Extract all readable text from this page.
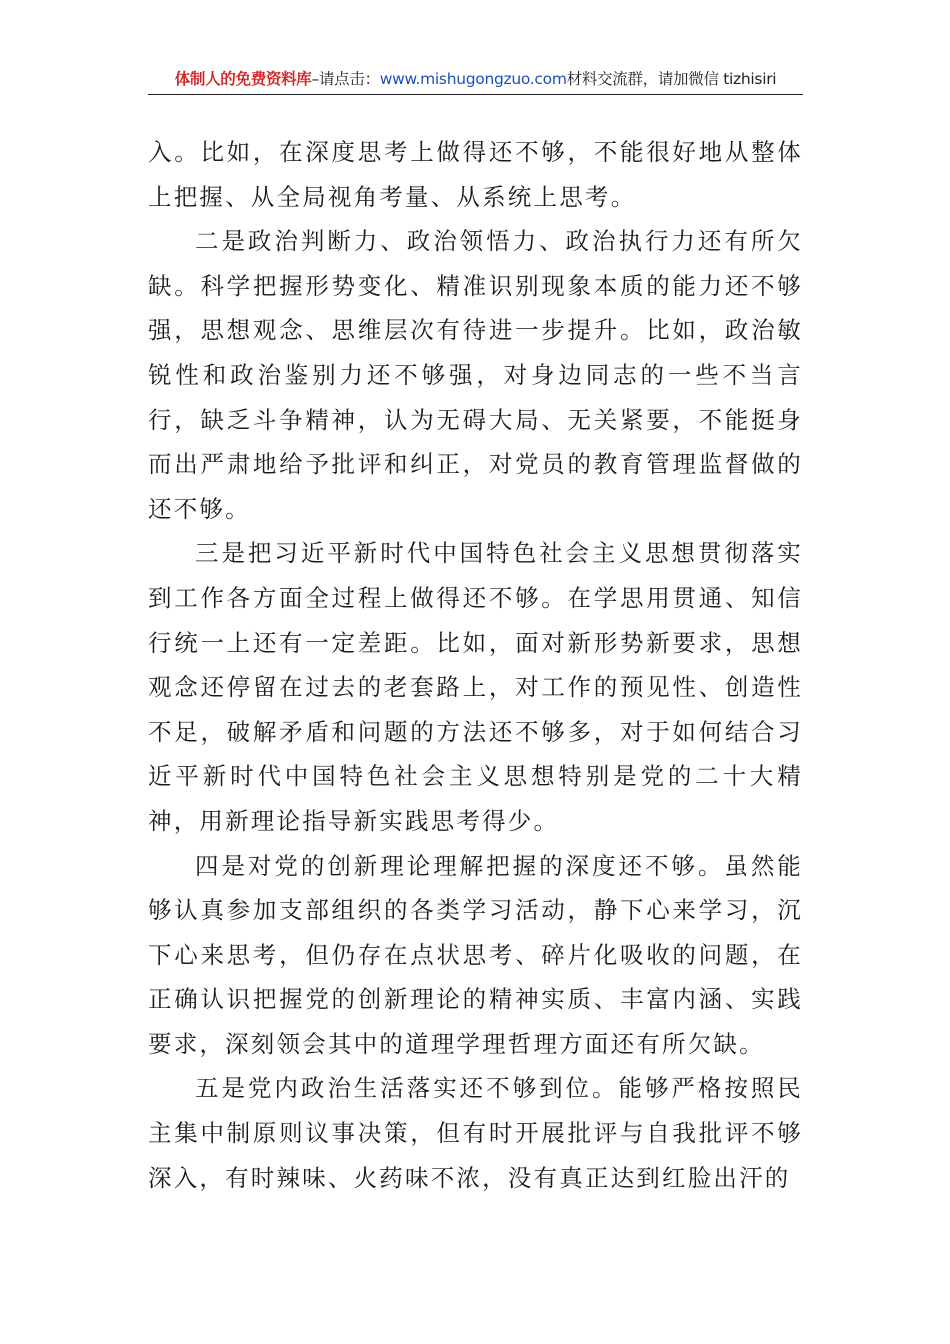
体制人的免费资料库–请点击：www.mishugongzuo.com材料交流群，请加微信 tizhisiri

入。比如，在深度思考上做得还不够，不能很好地从整体上把握、从全局视角考量、从系统上思考。

二是政治判断力、政治领悟力、政治执行力还有所欠缺。科学把握形势变化、精准识别现象本质的能力还不够强，思想观念、思维层次有待进一步提升。比如，政治敏锐性和政治鉴别力还不够强，对身边同志的一些不当言行，缺乏斗争精神，认为无碍大局、无关紧要，不能挺身而出严肃地给予批评和纠正，对党员的教育管理监督做的还不够。

三是把习近平新时代中国特色社会主义思想贯彻落实到工作各方面全过程上做得还不够。在学思用贯通、知信行统一上还有一定差距。比如，面对新形势新要求，思想观念还停留在过去的老套路上，对工作的预见性、创造性不足，破解矛盾和问题的方法还不够多，对于如何结合习近平新时代中国特色社会主义思想特别是党的二十大精神，用新理论指导新实践思考得少。

四是对党的创新理论理解把握的深度还不够。虽然能够认真参加支部组织的各类学习活动，静下心来学习，沉下心来思考，但仍存在点状思考、碎片化吸收的问题，在正确认识把握党的创新理论的精神实质、丰富内涵、实践要求，深刻领会其中的道理学理哲理方面还有所欠缺。

五是党内政治生活落实还不够到位。能够严格按照民主集中制原则议事决策，但有时开展批评与自我批评不够深入，有时辣味、火药味不浓，没有真正达到红脸出汗的
